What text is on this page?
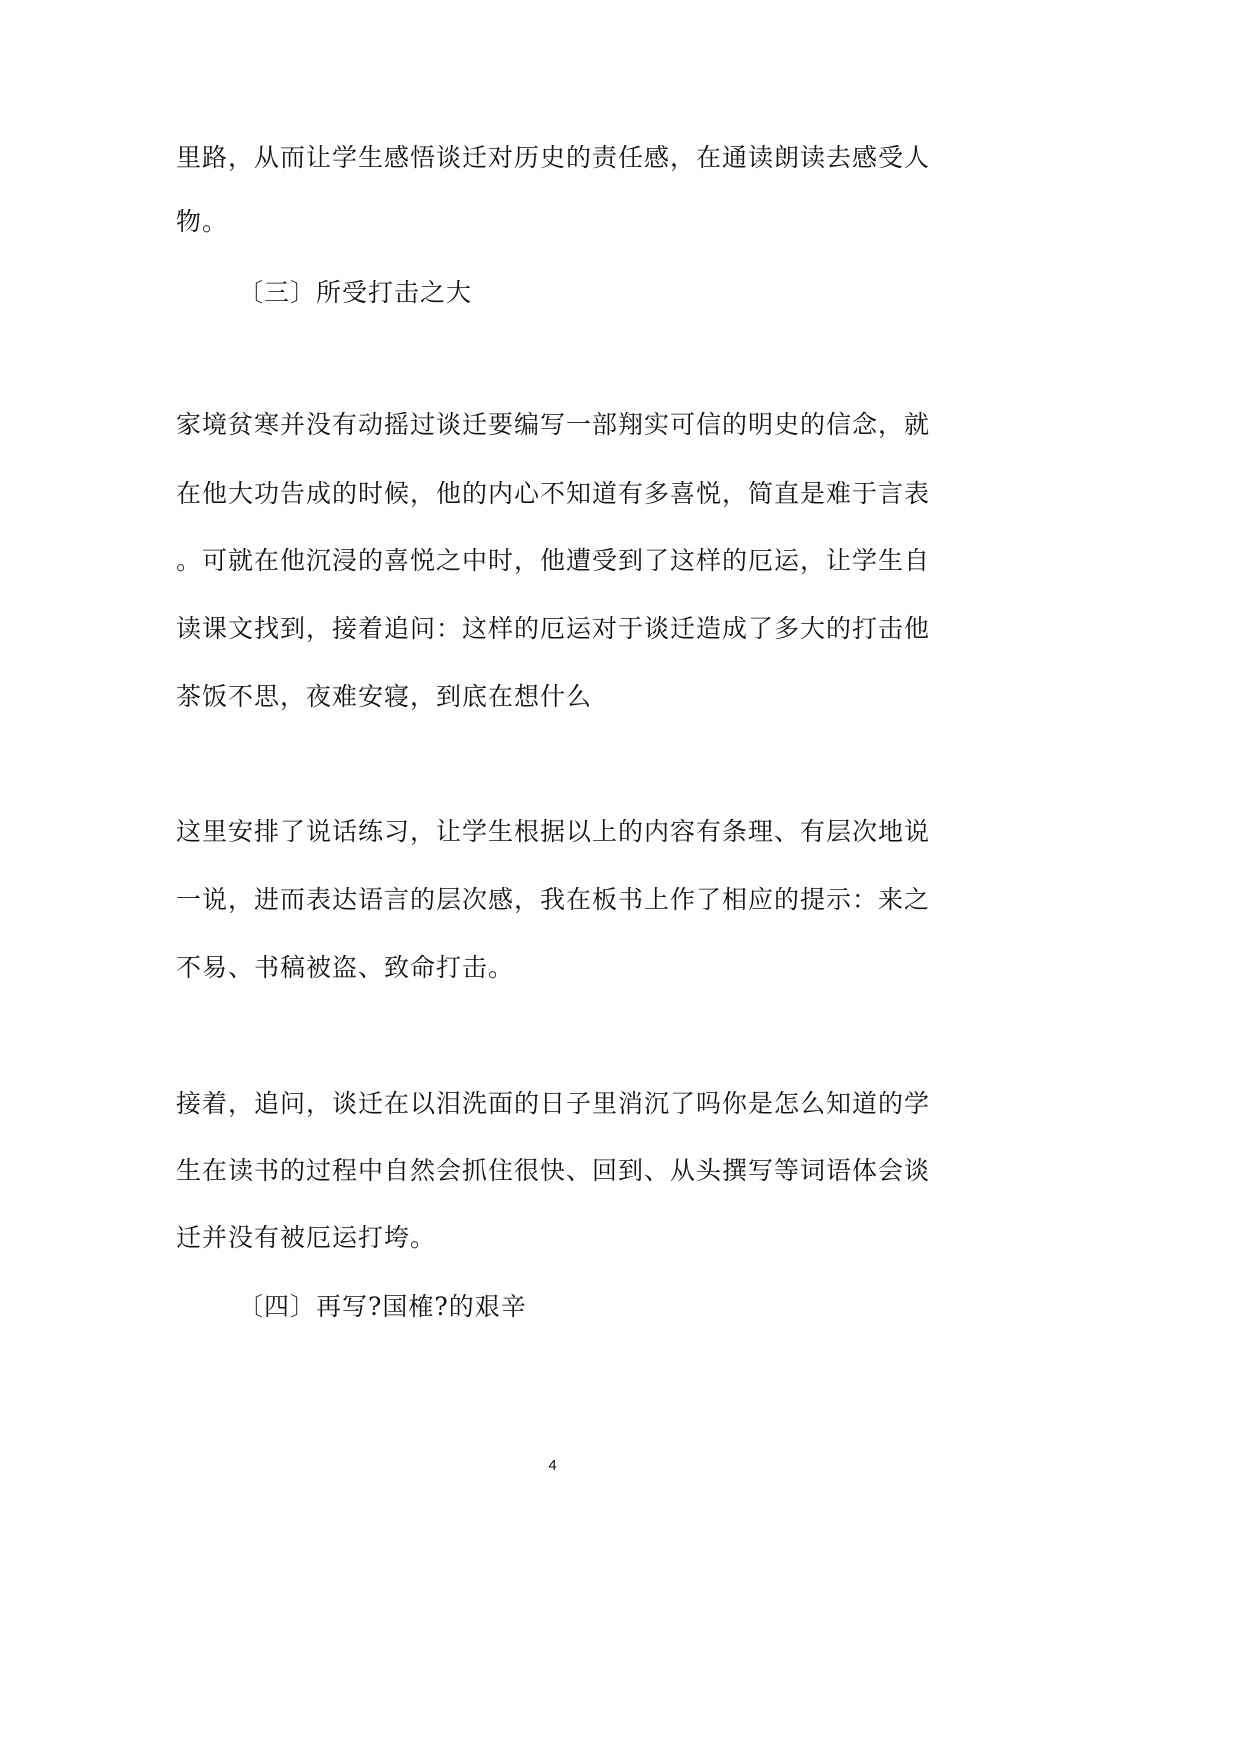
里路，从而让学生感悟谈迁对历史的责任感，在通读朗读去感受人
物。
〔三〕所受打击之大
家境贫寒并没有动摇过谈迁要编写一部翔实可信的明史的信念，就
在他大功告成的时候，他的内心不知道有多喜悦，简直是难于言表
。可就在他沉浸的喜悦之中时，他遭受到了这样的厄运，让学生自
读课文找到，接着追问：这样的厄运对于谈迁造成了多大的打击他
茶饭不思，夜难安寝，到底在想什么
这里安排了说话练习，让学生根据以上的内容有条理、有层次地说
一说，进而表达语言的层次感，我在板书上作了相应的提示：来之
不易、书稿被盗、致命打击。
接着，追问，谈迁在以泪洗面的日子里消沉了吗你是怎么知道的学
生在读书的过程中自然会抓住很快、回到、从头撰写等词语体会谈
迁并没有被厄运打垮。
〔四〕再写?国榷?的艰辛
4
